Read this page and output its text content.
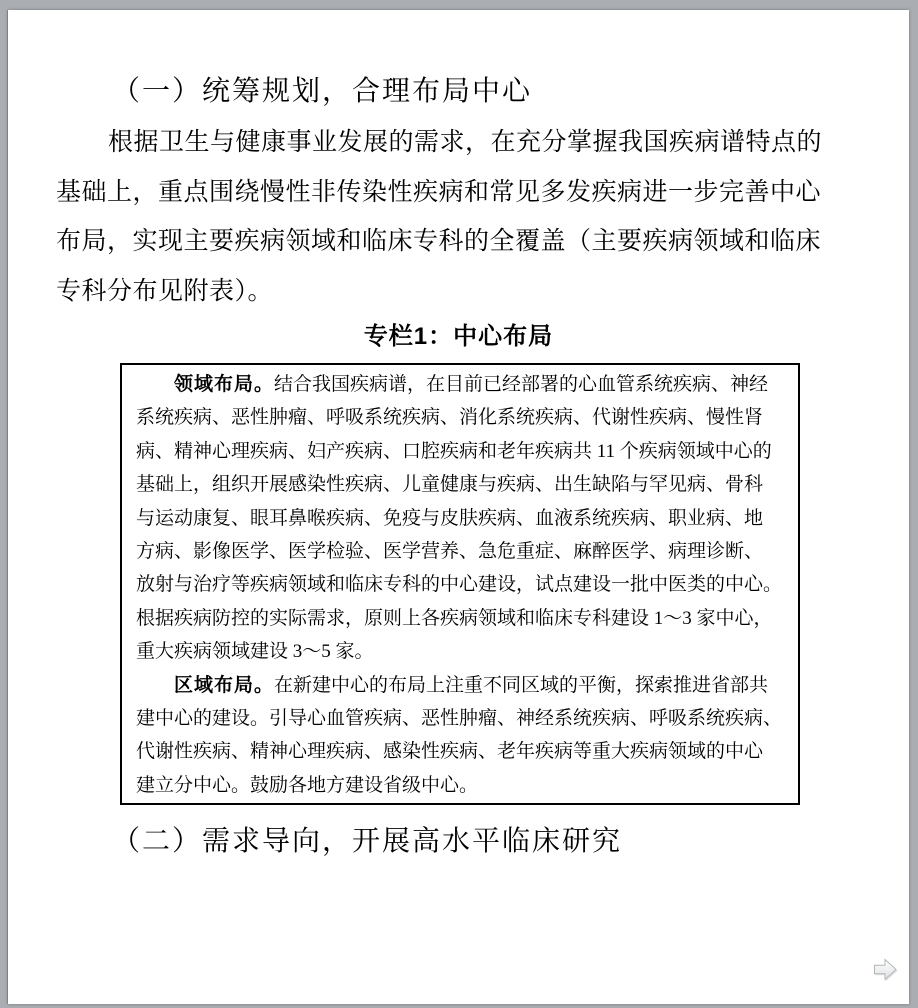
（一）统筹规划，合理布局中心
根据卫生与健康事业发展的需求，在充分掌握我国疾病谱特点的
基础上，重点围绕慢性非传染性疾病和常见多发疾病进一步完善中心
布局，实现主要疾病领域和临床专科的全覆盖（主要疾病领域和临床
专科分布见附表）。
专栏1：中心布局
领域布局。结合我国疾病谱，在目前已经部署的心血管系统疾病、神经
系统疾病、恶性肿瘤、呼吸系统疾病、消化系统疾病、代谢性疾病、慢性肾
病、精神心理疾病、妇产疾病、口腔疾病和老年疾病共 11 个疾病领域中心的
基础上，组织开展感染性疾病、儿童健康与疾病、出生缺陷与罕见病、骨科
与运动康复、眼耳鼻喉疾病、免疫与皮肤疾病、血液系统疾病、职业病、地
方病、影像医学、医学检验、医学营养、急危重症、麻醉医学、病理诊断、
放射与治疗等疾病领域和临床专科的中心建设，试点建设一批中医类的中心。
根据疾病防控的实际需求，原则上各疾病领域和临床专科建设 1～3 家中心，
重大疾病领域建设 3～5 家。
区域布局。在新建中心的布局上注重不同区域的平衡，探索推进省部共
建中心的建设。引导心血管疾病、恶性肿瘤、神经系统疾病、呼吸系统疾病、
代谢性疾病、精神心理疾病、感染性疾病、老年疾病等重大疾病领域的中心
建立分中心。鼓励各地方建设省级中心。
（二）需求导向，开展高水平临床研究
